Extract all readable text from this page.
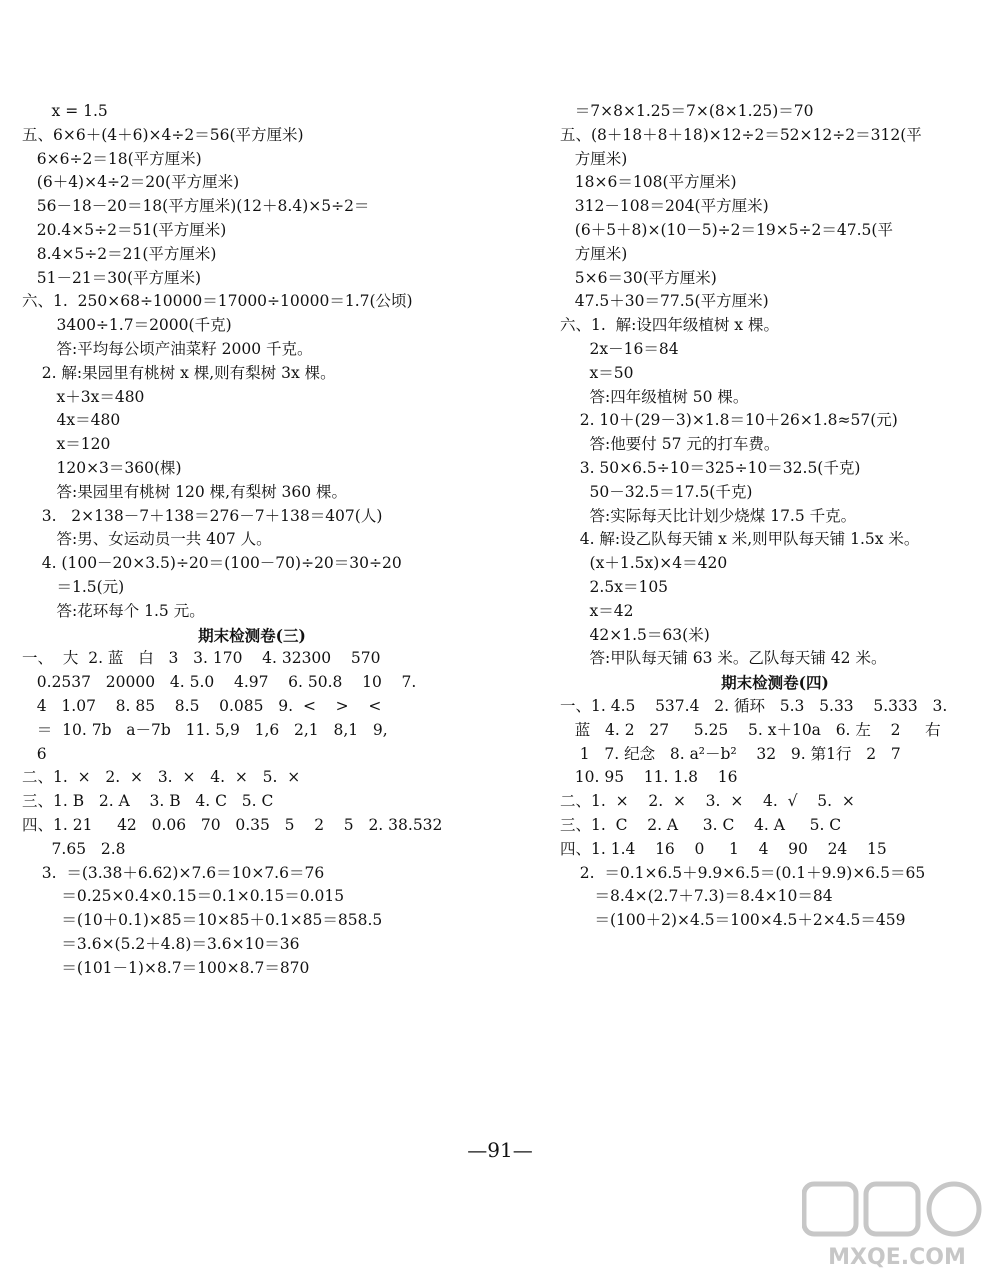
x = 1.5
五、6×6＋(4＋6)×4÷2＝56(平方厘米)
6×6÷2＝18(平方厘米)
(6＋4)×4÷2＝20(平方厘米)
56－18－20＝18(平方厘米)(12＋8.4)×5÷2＝
20.4×5÷2＝51(平方厘米)
8.4×5÷2＝21(平方厘米)
51－21＝30(平方厘米)
六、1.  250×68÷10000＝17000÷10000＝1.7(公顷)
3400÷1.7＝2000(千克)
答:平均每公顷产油菜籽 2000 千克。
2. 解:果园里有桃树 x 棵,则有梨树 3x 棵。
x＋3x＝480
4x＝480
x＝120
120×3＝360(棵)
答:果园里有桃树 120 棵,有梨树 360 棵。
3.   2×138－7＋138＝276－7＋138＝407(人)
答:男、女运动员一共 407 人。
4. (100－20×3.5)÷20＝(100－70)÷20＝30÷20
＝1.5(元)
答:花环每个 1.5 元。
期末检测卷(三)
一、  大  2. 蓝   白   3   3. 170    4. 32300    570
0.2537   20000   4. 5.0    4.97    6. 50.8    10    7.
4   1.07    8. 85    8.5    0.085   9.  <    >    <
＝  10. 7b   a－7b   11. 5,9   1,6   2,1   8,1   9,
6
二、1.  ×   2.  ×   3.  ×   4.  ×   5.  ×
三、1. B   2. A    3. B   4. C   5. C
四、1. 21     42   0.06   70   0.35   5    2    5   2. 38.532
7.65   2.8
3.  ＝(3.38＋6.62)×7.6＝10×7.6＝76
＝0.25×0.4×0.15＝0.1×0.15＝0.015
＝(10＋0.1)×85＝10×85＋0.1×85＝858.5
＝3.6×(5.2＋4.8)＝3.6×10＝36
＝(101－1)×8.7＝100×8.7＝870
＝7×8×1.25＝7×(8×1.25)＝70
五、(8＋18＋8＋18)×12÷2＝52×12÷2＝312(平
方厘米)
18×6＝108(平方厘米)
312－108＝204(平方厘米)
(6＋5＋8)×(10－5)÷2＝19×5÷2＝47.5(平
方厘米)
5×6＝30(平方厘米)
47.5＋30＝77.5(平方厘米)
六、1.  解:设四年级植树 x 棵。
2x－16＝84
x＝50
答:四年级植树 50 棵。
2. 10＋(29－3)×1.8＝10＋26×1.8≈57(元)
答:他要付 57 元的打车费。
3. 50×6.5÷10＝325÷10＝32.5(千克)
50－32.5＝17.5(千克)
答:实际每天比计划少烧煤 17.5 千克。
4. 解:设乙队每天铺 x 米,则甲队每天铺 1.5x 米。
(x＋1.5x)×4＝420
2.5x＝105
x＝42
42×1.5＝63(米)
答:甲队每天铺 63 米。乙队每天铺 42 米。
期末检测卷(四)
一、1. 4.5    537.4   2. 循环   5.3   5.33    5.333   3.
蓝   4. 2   27     5.25    5. x＋10a   6. 左    2     右
1   7. 纪念   8. a²－b²    32   9. 第1行   2   7
10. 95    11. 1.8    16
二、1.  ×    2.  ×    3.  ×    4.  √    5.  ×
三、1.  C    2. A     3. C    4. A     5. C
四、1. 1.4    16    0     1    4    90    24    15
2.  ＝0.1×6.5＋9.9×6.5＝(0.1＋9.9)×6.5＝65
＝8.4×(2.7＋7.3)＝8.4×10＝84
＝(100＋2)×4.5＝100×4.5＋2×4.5＝459
—91—
MXQE.COM
